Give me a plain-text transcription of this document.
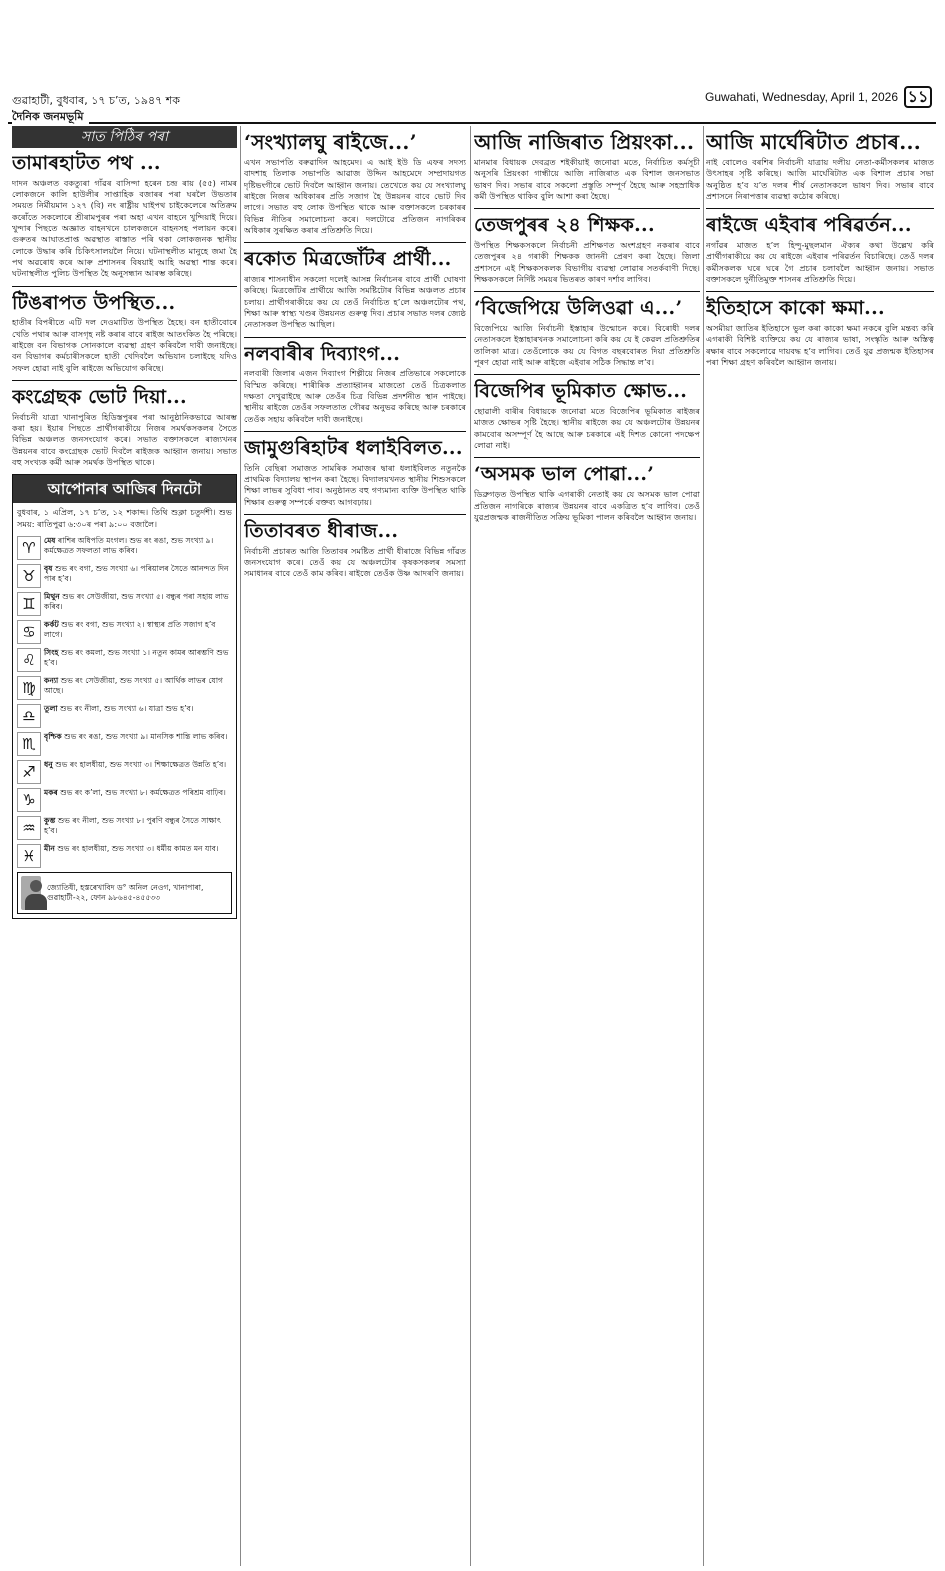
গুৱাহাটী, বুধবাৰ, ১৭ চ’ত, ১৯৪৭ শক	Guwahati, Wednesday, April 1, 2026 ১১
দৈনিক জনমভূমি
সাত পিঠিৰ পৰা
তামাৰহাটত পথ ...
দাদন অঞ্চলত বকত্যুৰা গাঁৱৰ বাসিন্দা হৰেন চন্দ্ৰ ৰায় (৫৫) নামৰ লোকজনে কালি হাউলীৰ সাপ্তাহিক বজাৰৰ পৰা ঘৰলৈ উভতাৰ সময়ত নিৰ্মীয়মান ১২৭ (বি) নং ৰাষ্ট্ৰীয় ঘাইপথ চাইকেলেৰে অতিক্ৰম কৰোঁতে সকলোৰে শ্ৰীৰামপুৰৰ পৰা অহা এখন বাহনে খুন্দিয়াই দিয়ে। খুন্দাৰ পিছতে অজ্ঞাত বাহনখনে চালকজনে বাহনসহ পলায়ন কৰে। গুৰুতৰ আঘাতপ্ৰাপ্ত অৱস্থাত ৰাস্তাত পৰি থকা লোকজনক স্থানীয় লোকে উদ্ধাৰ কৰি চিকিৎসালয়লৈ নিয়ে। ঘটনাস্থলীত মানুহে জমা হৈ পথ অৱৰোধ কৰে আৰু প্ৰশাসনৰ বিষয়াই আহি অৱস্থা শান্ত কৰে। ঘটনাস্থলীত পুলিচ উপস্থিত হৈ অনুসন্ধান আৰম্ভ কৰিছে।
টিঙৰাপত উপস্থিত...
হাতীৰ বিপৰীতে এটি দল দেওমাটিত উপস্থিত হৈছে। বন হাতীবোৰে খেতি পথাৰ আৰু বাসগৃহ নষ্ট কৰাৰ বাবে ৰাইজ আতংকিত হৈ পৰিছে। ৰাইজে বন বিভাগক সোনকালে ব্যৱস্থা গ্ৰহণ কৰিবলৈ দাবী জনাইছে। বন বিভাগৰ কৰ্মচাৰীসকলে হাতী খেদিবলৈ অভিযান চলাইছে যদিও সফল হোৱা নাই বুলি ৰাইজে অভিযোগ কৰিছে।
কংগ্ৰেছক ভোট দিয়া...
নিৰ্বাচনী যাত্ৰা খানাপুৰিত হিডিস্তপুৰৰ পৰা আনুষ্ঠানিকভাৱে আৰম্ভ কৰা হয়। ইয়াৰ পিছতে প্ৰাৰ্থীগৰাকীয়ে নিজৰ সমৰ্থকসকলৰ সৈতে বিভিন্ন অঞ্চলত জনসংযোগ কৰে। সভাত বক্তাসকলে ৰাজ্যখনৰ উন্নয়নৰ বাবে কংগ্ৰেছক ভোট দিবলৈ ৰাইজক আহ্বান জনায়। সভাত বহু সংখ্যক কৰ্মী আৰু সমৰ্থক উপস্থিত থাকে।
আপোনাৰ আজিৰ দিনটো
বুধবাৰ, ১ এপ্ৰিল, ১৭ চ’ত, ১২ শকাব্দ। তিথি শুক্লা চতুৰ্দশী। শুভ সময়: ৰাতিপুৱা ৬:৩০ৰ পৰা ৯:০০ বজালৈ।
♈	মেষ ৰাশিৰ অধিপতি মংগল। শুভ ৰং ৰঙা, শুভ সংখ্যা ৯। কৰ্মক্ষেত্ৰত সফলতা লাভ কৰিব।
♉	বৃষ শুভ ৰং বগা, শুভ সংখ্যা ৬। পৰিয়ালৰ সৈতে আনন্দত দিন পাৰ হ’ব।
♊	মিথুন শুভ ৰং সেউজীয়া, শুভ সংখ্যা ৫। বন্ধুৰ পৰা সহায় লাভ কৰিব।
♋	কৰ্কট শুভ ৰং বগা, শুভ সংখ্যা ২। স্বাস্থ্যৰ প্ৰতি সজাগ হ’ব লাগে।
♌	সিংহ শুভ ৰং কমলা, শুভ সংখ্যা ১। নতুন কামৰ আৰম্ভণি শুভ হ’ব।
♍	কন্যা শুভ ৰং সেউজীয়া, শুভ সংখ্যা ৫। আৰ্থিক লাভৰ যোগ আছে।
♎	তুলা শুভ ৰং নীলা, শুভ সংখ্যা ৬। যাত্ৰা শুভ হ’ব।
♏	বৃশ্চিক শুভ ৰং ৰঙা, শুভ সংখ্যা ৯। মানসিক শান্তি লাভ কৰিব।
♐	ধনু শুভ ৰং হালধীয়া, শুভ সংখ্যা ৩। শিক্ষাক্ষেত্ৰত উন্নতি হ’ব।
♑	মকৰ শুভ ৰং ক’লা, শুভ সংখ্যা ৮। কৰ্মক্ষেত্ৰত পৰিশ্ৰম বাঢ়িব।
♒	কুম্ভ শুভ ৰং নীলা, শুভ সংখ্যা ৮। পুৰণি বন্ধুৰ সৈতে সাক্ষাৎ হ’ব।
♓	মীন শুভ ৰং হালধীয়া, শুভ সংখ্যা ৩। ধৰ্মীয় কামত মন যাব।
জ্যোতিষী, হস্তৰেখাবিদ ড° অনিল নেওগ, খানাপাৰা, গুৱাহাটী-২২, ফোন ৯৮৬৪৫-৪৫৫৩৩
‘সংখ্যালঘু ৰাইজে...’
এখন সভাপতি বৰুৱাদিন আহমেদ। এ আই ইউ ডি এফৰ সদস্য বাদশাহ তিলাক সভাপতি আৱাজ উদ্দিন আহমেদে সম্প্ৰদায়গত দৃষ্টিভংগীৰে ভোট দিবলৈ আহ্বান জনায়। তেখেতে কয় যে সংখ্যালঘু ৰাইজে নিজৰ অধিকাৰৰ প্ৰতি সজাগ হৈ উন্নয়নৰ বাবে ভোট দিব লাগে। সভাত বহু লোক উপস্থিত থাকে আৰু বক্তাসকলে চৰকাৰৰ বিভিন্ন নীতিৰ সমালোচনা কৰে। দলটোৱে প্ৰতিজন নাগৰিকৰ অধিকাৰ সুৰক্ষিত কৰাৰ প্ৰতিশ্ৰুতি দিয়ে।
ৰকোত মিত্ৰজোঁটৰ প্ৰাৰ্থী...
ৰাজ্যৰ শাসনাধীন সকলো দলেই আসন্ন নিৰ্বাচনৰ বাবে প্ৰাৰ্থী ঘোষণা কৰিছে। মিত্ৰজোঁটৰ প্ৰাৰ্থীয়ে আজি সমষ্টিটোৰ বিভিন্ন অঞ্চলত প্ৰচাৰ চলায়। প্ৰাৰ্থীগৰাকীয়ে কয় যে তেওঁ নিৰ্বাচিত হ’লে অঞ্চলটোৰ পথ, শিক্ষা আৰু স্বাস্থ্য খণ্ডৰ উন্নয়নত গুৰুত্ব দিব। প্ৰচাৰ সভাত দলৰ জ্যেষ্ঠ নেতাসকল উপস্থিত আছিল।
নলবাৰীৰ দিব্যাংগ...
নলবাৰী জিলাৰ এজন দিব্যাংগ শিল্পীয়ে নিজৰ প্ৰতিভাৰে সকলোকে বিস্মিত কৰিছে। শাৰীৰিক প্ৰত্যাহ্বানৰ মাজতো তেওঁ চিত্ৰকলাত দক্ষতা দেখুৱাইছে আৰু তেওঁৰ চিত্ৰ বিভিন্ন প্ৰদৰ্শনীত স্থান পাইছে। স্থানীয় ৰাইজে তেওঁৰ সফলতাত গৌৰৱ অনুভৱ কৰিছে আৰু চৰকাৰে তেওঁক সহায় কৰিবলৈ দাবী জনাইছে।
জামুগুৰিহাটৰ ধলাইবিলত...
তিনি বেছিৰা সমাজত সামৰিক সমাজৰ দ্বাৰা ধলাইবিলত নতুনকৈ প্ৰাথমিক বিদ্যালয় স্থাপন কৰা হৈছে। বিদ্যালয়খনত স্থানীয় শিশুসকলে শিক্ষা লাভৰ সুবিধা পাব। অনুষ্ঠানত বহু গণ্যমান্য ব্যক্তি উপস্থিত থাকি শিক্ষাৰ গুৰুত্ব সম্পৰ্কে বক্তব্য আগবঢ়ায়।
তিতাবৰত ধীৰাজ...
নিৰ্বাচনী প্ৰচাৰত আজি তিতাবৰ সমষ্টিত প্ৰাৰ্থী ধীৰাজে বিভিন্ন গাঁৱত জনসংযোগ কৰে। তেওঁ কয় যে অঞ্চলটোৰ কৃষকসকলৰ সমস্যা সমাধানৰ বাবে তেওঁ কাম কৰিব। ৰাইজে তেওঁক উষ্ণ আদৰণি জনায়।
আজি নাজিৰাত প্ৰিয়ংকা...
মানমাৰ বিধায়ক দেবব্ৰত শইকীয়াই জনোৱা মতে, নিৰ্বাচিত কৰ্মসূচী অনুসৰি প্ৰিয়ংকা গান্ধীয়ে আজি নাজিৰাত এক বিশাল জনসভাত ভাষণ দিব। সভাৰ বাবে সকলো প্ৰস্তুতি সম্পূৰ্ণ হৈছে আৰু সহস্ৰাধিক কৰ্মী উপস্থিত থাকিব বুলি আশা কৰা হৈছে।
তেজপুৰৰ ২৪ শিক্ষক...
উপস্থিত শিক্ষকসকলে নিৰ্বাচনী প্ৰশিক্ষণত অংশগ্ৰহণ নকৰাৰ বাবে তেজপুৰৰ ২৪ গৰাকী শিক্ষকক জাননী প্ৰেৰণ কৰা হৈছে। জিলা প্ৰশাসনে এই শিক্ষকসকলক বিভাগীয় ব্যৱস্থা লোৱাৰ সতৰ্কবাণী দিছে। শিক্ষকসকলে নিৰ্দিষ্ট সময়ৰ ভিতৰত কাৰণ দৰ্শাব লাগিব।
‘বিজেপিয়ে উলিওৱা এ...’
বিজেপিয়ে আজি নিৰ্বাচনী ইস্তাহাৰ উন্মোচন কৰে। বিৰোধী দলৰ নেতাসকলে ইস্তাহাৰখনক সমালোচনা কৰি কয় যে ই কেৱল প্ৰতিশ্ৰুতিৰ তালিকা মাত্ৰ। তেওঁলোকে কয় যে বিগত বছৰবোৰত দিয়া প্ৰতিশ্ৰুতি পূৰণ হোৱা নাই আৰু ৰাইজে এইবাৰ সঠিক সিদ্ধান্ত ল’ব।
বিজেপিৰ ভূমিকাত ক্ষোভ...
ছোৱালী বাৰীৰ বিধায়কে জনোৱা মতে বিজেপিৰ ভূমিকাত ৰাইজৰ মাজত ক্ষোভৰ সৃষ্টি হৈছে। স্থানীয় ৰাইজে কয় যে অঞ্চলটোৰ উন্নয়নৰ কামবোৰ অসম্পূৰ্ণ হৈ আছে আৰু চৰকাৰে এই দিশত কোনো পদক্ষেপ লোৱা নাই।
‘অসমক ভাল পোৱা...’
ডিব্ৰুগড়ত উপস্থিত থাকি এগৰাকী নেতাই কয় যে অসমক ভাল পোৱা প্ৰতিজন নাগৰিকে ৰাজ্যৰ উন্নয়নৰ বাবে একত্ৰিত হ’ব লাগিব। তেওঁ যুৱপ্ৰজন্মক ৰাজনীতিত সক্ৰিয় ভূমিকা পালন কৰিবলৈ আহ্বান জনায়।
আজি মাৰ্ঘেৰিটাত প্ৰচাৰ...
নাই বোলেও বৰশিৰ নিৰ্বাচনী যাত্ৰায় দলীয় নেতা-কৰ্মীসকলৰ মাজত উৎসাহৰ সৃষ্টি কৰিছে। আজি মাৰ্ঘেৰিটাত এক বিশাল প্ৰচাৰ সভা অনুষ্ঠিত হ’ব য’ত দলৰ শীৰ্ষ নেতাসকলে ভাষণ দিব। সভাৰ বাবে প্ৰশাসনে নিৰাপত্তাৰ ব্যৱস্থা কঠোৰ কৰিছে।
ৰাইজে এইবাৰ পৰিৱৰ্তন...
নগাঁৱৰ মাজত হ’ল হিন্দু-মুছলমান ঐক্যৰ কথা উল্লেখ কৰি প্ৰাৰ্থীগৰাকীয়ে কয় যে ৰাইজে এইবাৰ পৰিৱৰ্তন বিচাৰিছে। তেওঁ দলৰ কৰ্মীসকলক ঘৰে ঘৰে গৈ প্ৰচাৰ চলাবলৈ আহ্বান জনায়। সভাত বক্তাসকলে দুৰ্নীতিমুক্ত শাসনৰ প্ৰতিশ্ৰুতি দিয়ে।
ইতিহাসে কাকো ক্ষমা...
অসমীয়া জাতিৰ ইতিহাসে ভুল কৰা কাকো ক্ষমা নকৰে বুলি মন্তব্য কৰি এগৰাকী বিশিষ্ট ব্যক্তিয়ে কয় যে ৰাজ্যৰ ভাষা, সংস্কৃতি আৰু অস্তিত্ব ৰক্ষাৰ বাবে সকলোৱে দায়বদ্ধ হ’ব লাগিব। তেওঁ যুৱ প্ৰজন্মক ইতিহাসৰ পৰা শিক্ষা গ্ৰহণ কৰিবলৈ আহ্বান জনায়।
